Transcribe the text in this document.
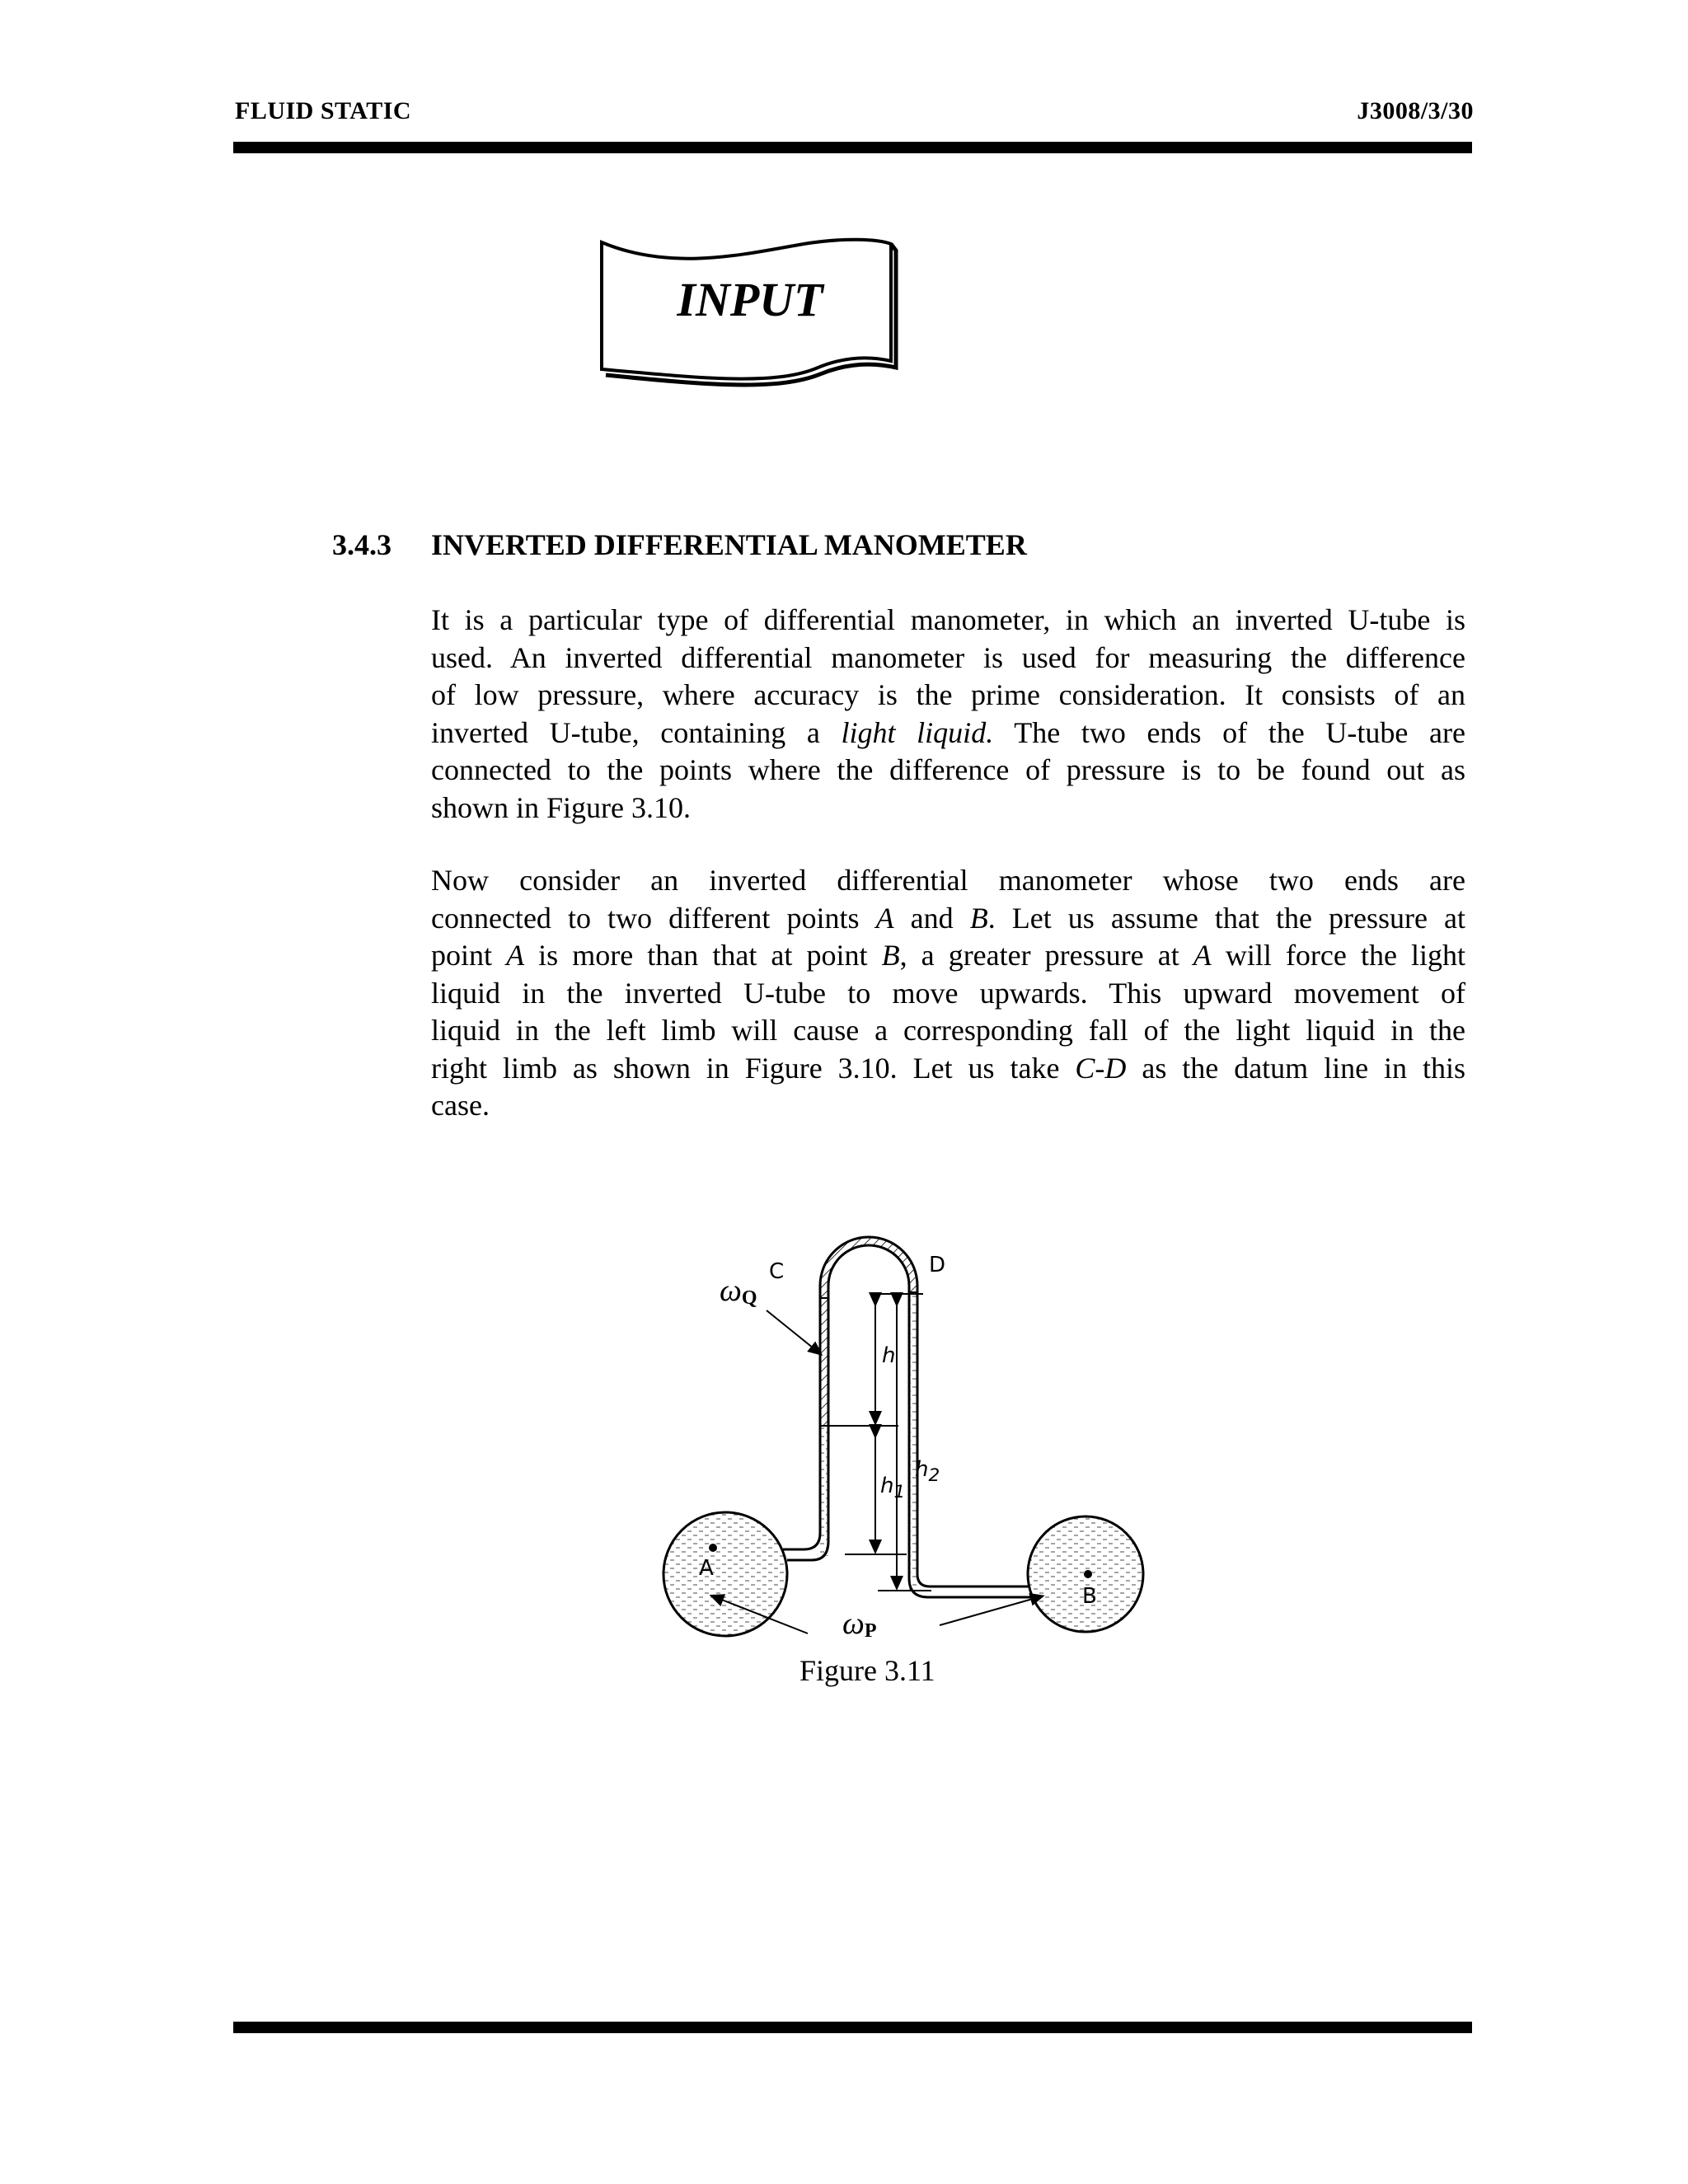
FLUID STATIC	J3008/3/30
INPUT
3.4.3 INVERTED DIFFERENTIAL MANOMETER
It is a particular type of differential manometer, in which an inverted U-tube is
used. An inverted differential manometer is used for measuring the difference
of low pressure, where accuracy is the prime consideration. It consists of an
inverted U-tube, containing a light liquid. The two ends of the U-tube are
connected to the points where the difference of pressure is to be found out as
shown in Figure 3.10.
Now consider an inverted differential manometer whose two ends are
connected to two different points A and B. Let us assume that the pressure at
point A is more than that at point B, a greater pressure at A will force the light
liquid in the inverted U-tube to move upwards. This upward movement of
liquid in the left limb will cause a corresponding fall of the light liquid in the
right limb as shown in Figure 3.10. Let us take C-D as the datum line in this
case.
C	D
A
B
h
$h_1$
$h_2$
$\omega_Q$
$\omega_P$
Figure 3.11
